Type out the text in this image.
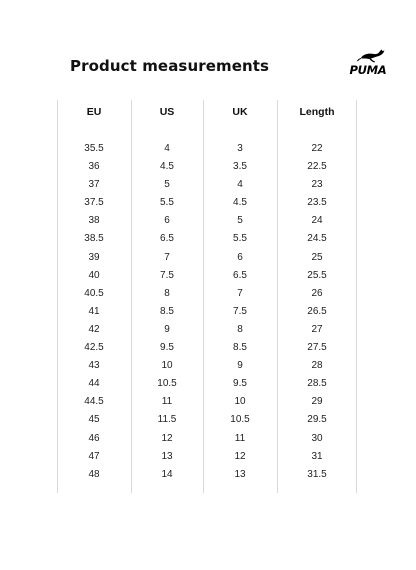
Product measurements	PUMA
EU	US	UK	Length
35.5	4	3	22
36	4.5	3.5	22.5
37	5	4	23
37.5	5.5	4.5	23.5
38	6	5	24
38.5	6.5	5.5	24.5
39	7	6	25
40	7.5	6.5	25.5
40.5	8	7	26
41	8.5	7.5	26.5
42	9	8	27
42.5	9.5	8.5	27.5
43	10	9	28
44	10.5	9.5	28.5
44.5	11	10	29
45	11.5	10.5	29.5
46	12	11	30
47	13	12	31
48	14	13	31.5
